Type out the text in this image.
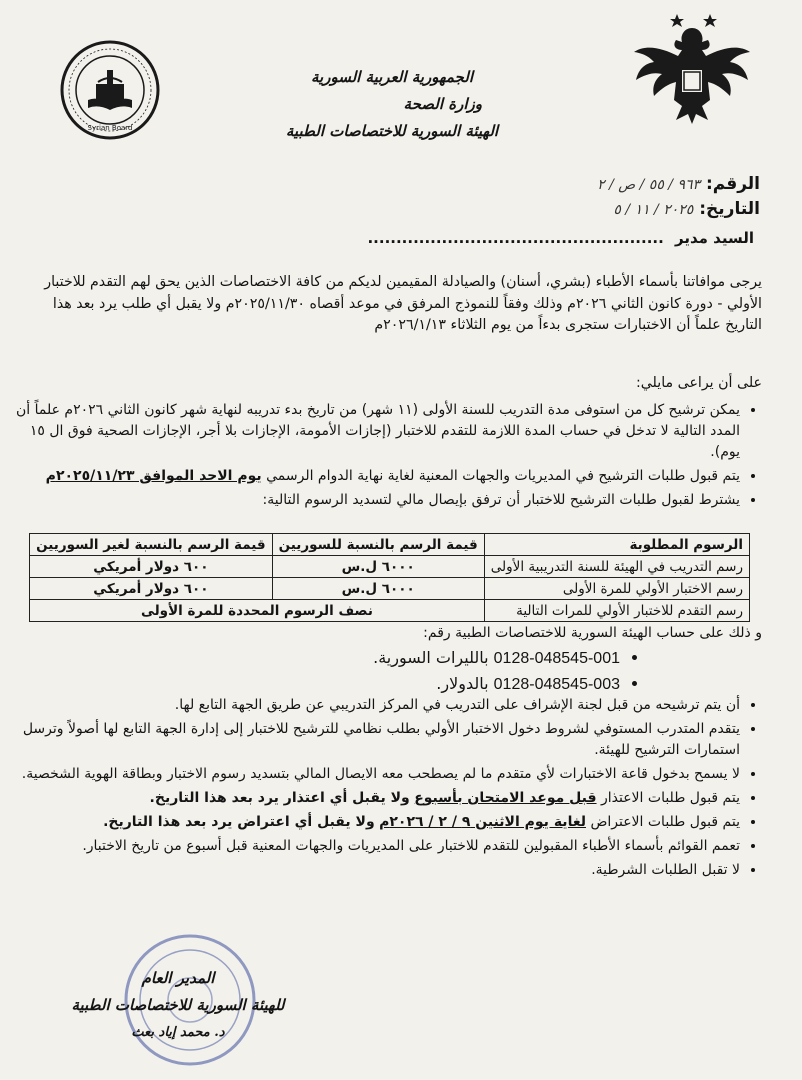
Syrian Board
الجمهورية العربية السورية
وزارة الصحة
الهيئة السورية للاختصاصات الطبية
الرقم: ٩٦٣ / ٥٥ / ص / ٢
التاريخ: ٢٠٢٥ / ١١ / ٥
السيد مدير ....................................................
يرجى موافاتنا بأسماء الأطباء (بشري، أسنان) والصيادلة المقيمين لديكم من كافة الاختصاصات الذين يحق لهم التقدم للاختبار الأولي - دورة كانون الثاني ٢٠٢٦م وذلك وفقاً للنموذج المرفق في موعد أقصاه ٢٠٢٥/١١/٣٠م ولا يقبل أي طلب يرد بعد هذا التاريخ علماً أن الاختبارات ستجرى بدءاً من يوم الثلاثاء ٢٠٢٦/١/١٣م
على أن يراعى مايلي:
• يمكن ترشيح كل من استوفى مدة التدريب للسنة الأولى (١١ شهر) من تاريخ بدء تدريبه لنهاية شهر كانون الثاني ٢٠٢٦م علماً أن المدد التالية لا تدخل في حساب المدة اللازمة للتقدم للاختبار (إجازات الأمومة، الإجازات بلا أجر، الإجازات الصحية فوق ال ١٥ يوم).
• يتم قبول طلبات الترشيح في المديريات والجهات المعنية لغاية نهاية الدوام الرسمي يوم الاحد الموافق ٢٠٢٥/١١/٢٣م
• يشترط لقبول طلبات الترشيح للاختبار أن ترفق بإيصال مالي لتسديد الرسوم التالية:
الرسوم المطلوبة	قيمة الرسم بالنسبة للسوريين	قيمة الرسم بالنسبة لغير السوريين
رسم التدريب في الهيئة للسنة التدريبية الأولى	٦٠٠٠ ل.س	٦٠٠ دولار أمريكي
رسم الاختبار الأولي للمرة الأولى	٦٠٠٠ ل.س	٦٠٠ دولار أمريكي
رسم التقدم للاختبار الأولي للمرات التالية	نصف الرسوم المحددة للمرة الأولى	
و ذلك على حساب الهيئة السورية للاختصاصات الطبية رقم:
• 0128-048545-001 بالليرات السورية.
• 0128-048545-003 بالدولار.
• أن يتم ترشيحه من قبل لجنة الإشراف على التدريب في المركز التدريبي عن طريق الجهة التابع لها.
• يتقدم المتدرب المستوفي لشروط دخول الاختبار الأولي بطلب نظامي للترشيح للاختبار إلى إدارة الجهة التابع لها أصولاً وترسل استمارات الترشيح للهيئة.
• لا يسمح بدخول قاعة الاختبارات لأي متقدم ما لم يصطحب معه الايصال المالي بتسديد رسوم الاختبار وبطاقة الهوية الشخصية.
• يتم قبول طلبات الاعتذار قبل موعد الامتحان بأسبوع ولا يقبل أي اعتذار يرد بعد هذا التاريخ.
• يتم قبول طلبات الاعتراض لغاية يوم الاثنين ٩ / ٢ / ٢٠٢٦م ولا يقبل أي اعتراض يرد بعد هذا التاريخ.
• تعمم القوائم بأسماء الأطباء المقبولين للتقدم للاختبار على المديريات والجهات المعنية قبل أسبوع من تاريخ الاختبار.
• لا تقبل الطلبات الشرطية.
المدير العام
للهيئة السورية للاختصاصات الطبية
د. محمد إياد بعث
